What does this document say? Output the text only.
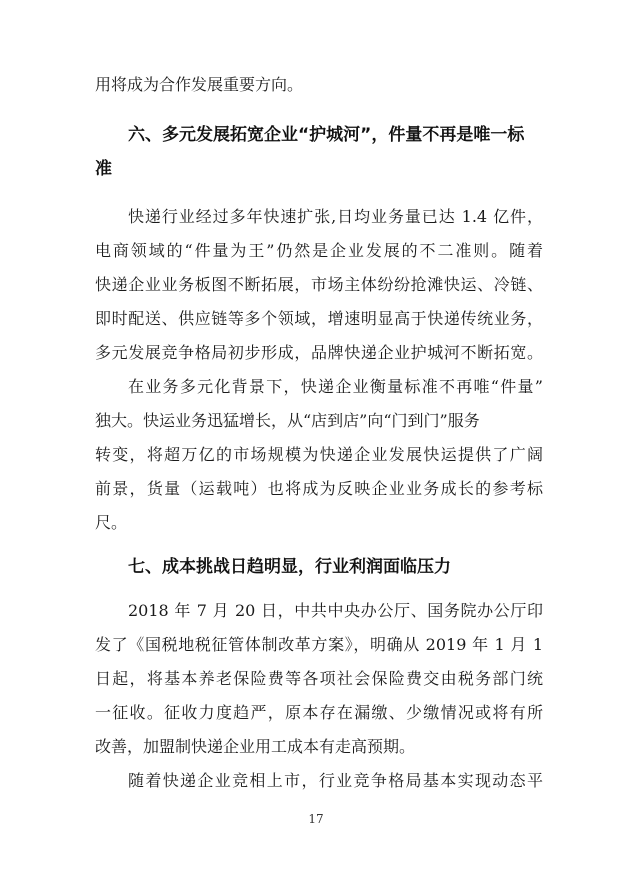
用将成为合作发展重要方向。
六、多元发展拓宽企业“护城河”，件量不再是唯一标
准
快递行业经过多年快速扩张,日均业务量已达 1.4 亿件，
电商领域的“件量为王”仍然是企业发展的不二准则。随着
快递企业业务板图不断拓展，市场主体纷纷抢滩快运、冷链、
即时配送、供应链等多个领域，增速明显高于快递传统业务，
多元发展竞争格局初步形成，品牌快递企业护城河不断拓宽。
在业务多元化背景下，快递企业衡量标准不再唯“件量”
独大。快运业务迅猛增长，从“店到店”向“门到门”服务
转变，将超万亿的市场规模为快递企业发展快运提供了广阔
前景，货量（运载吨）也将成为反映企业业务成长的参考标
尺。
七、成本挑战日趋明显，行业利润面临压力
2018 年 7 月 20 日，中共中央办公厅、国务院办公厅印
发了《国税地税征管体制改革方案》，明确从 2019 年 1 月 1
日起，将基本养老保险费等各项社会保险费交由税务部门统
一征收。征收力度趋严，原本存在漏缴、少缴情况或将有所
改善，加盟制快递企业用工成本有走高预期。
随着快递企业竞相上市，行业竞争格局基本实现动态平
17
